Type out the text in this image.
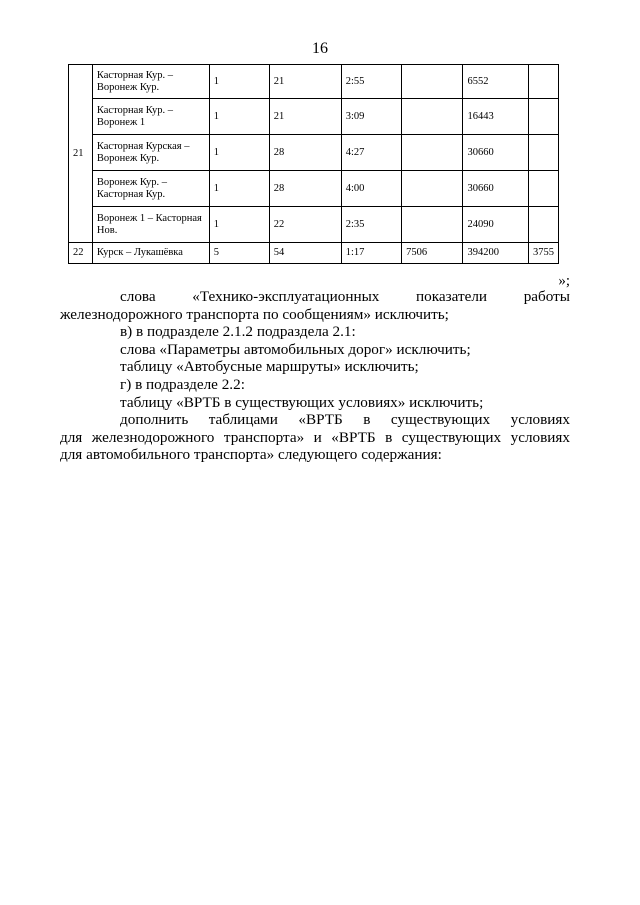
16
21	Касторная Кур. – Воронеж Кур.	1	21	2:55		6552	
	Касторная Кур. – Воронеж 1	1	21	3:09		16443	
	Касторная Курская – Воронеж Кур.	1	28	4:27		30660	
	Воронеж Кур. – Касторная Кур.	1	28	4:00		30660	
	Воронеж 1 – Касторная Нов.	1	22	2:35		24090	
22	Курск – Лукашёвка	5	54	1:17	7506	394200	3755
»;

слова «Технико-эксплуатационных показатели работы

железнодорожного транспорта по сообщениям» исключить;

в) в подразделе 2.1.2 подраздела 2.1:

слова «Параметры автомобильных дорог» исключить;

таблицу «Автобусные маршруты» исключить;

г) в подразделе 2.2:

таблицу «ВРТБ в существующих условиях» исключить;

дополнить таблицами «ВРТБ в существующих условиях

для железнодорожного транспорта» и «ВРТБ в существующих условиях

для автомобильного транспорта» следующего содержания:
